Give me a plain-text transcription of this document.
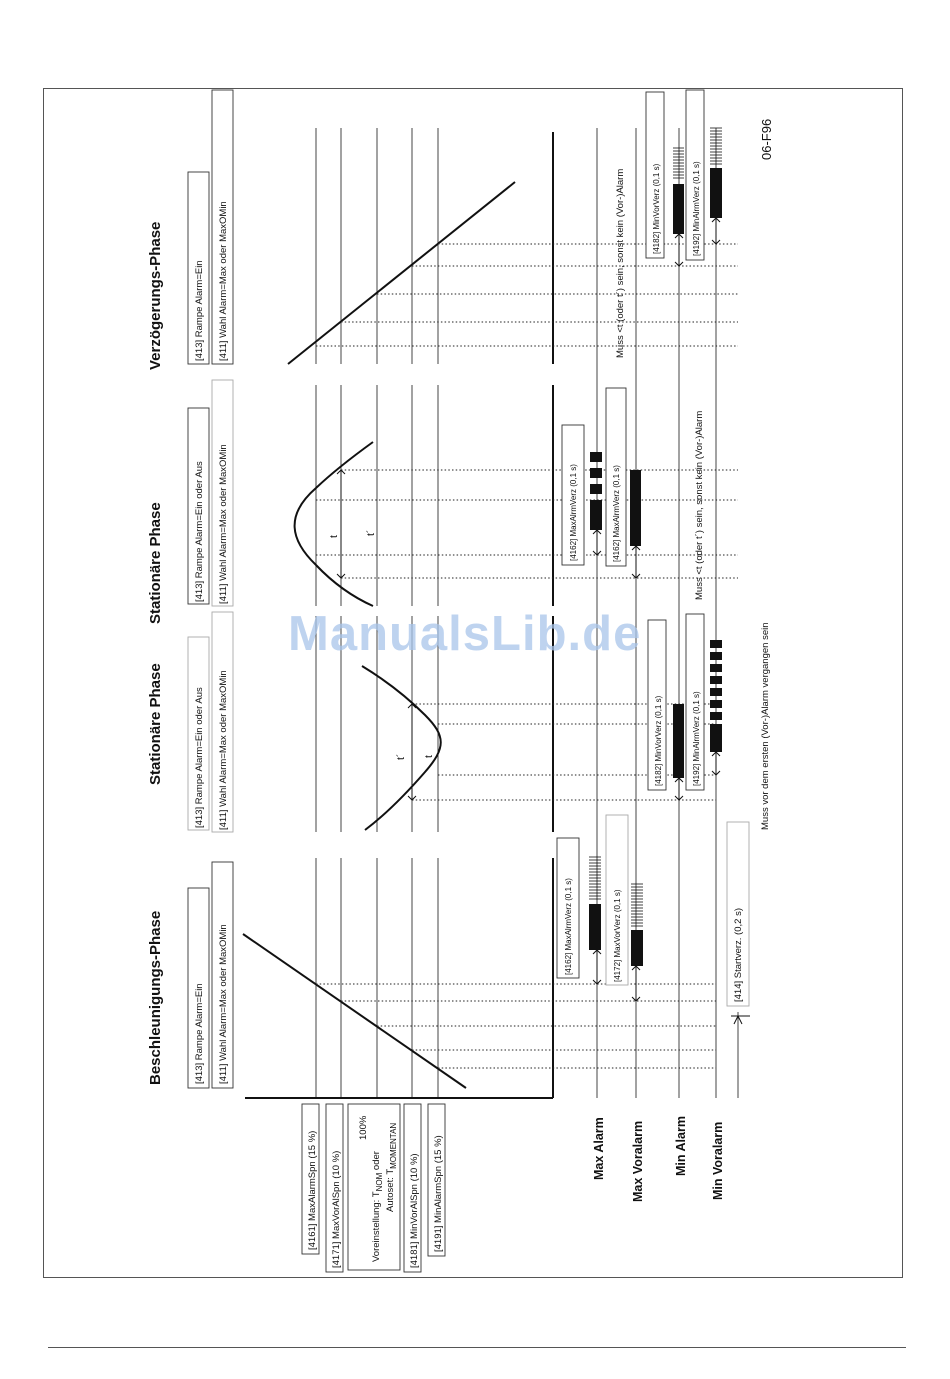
Beschleunigungs-Phase
Stationäre Phase
Stationäre Phase
Verzögerungs-Phase
[413] Rampe Alarm=Ein [411] Wahl Alarm=Max oder MaxOMin
[413] Rampe Alarm=Ein oder Aus [411] Wahl Alarm=Max oder MaxOMin
[413] Rampe Alarm=Ein oder Aus [411] Wahl Alarm=Max oder MaxOMin
[413] Rampe Alarm=Ein [411] Wahl Alarm=Max oder MaxOMin
[4161] MaxAlarmSpn (15 %) [4171] MaxVorAlSpn (10 %)
100%
Voreinstellung: $T_{NOM}$ oder
Autoset: $T_{MOMENTAN}$
[4181] MinVorAlSpn (10 %) [4191] MinAlarmSpn (15 %)	Max Alarm Max Voralarm Min Alarm Min Voralarm
[4162] MaxAlrmVerz (0,1 s)	[4172] MaxVorVerz (0,1 s)	[414] Startverz. (0,2 s)
t´ t	[4182] MinVorVerz (0,1 s)	[4192] MinAlrmVerz (0,1 s)	Muss vor dem ersten (Vor-)Alarm vergangen sein
t
t´	[4162] MaxAlrmVerz (0,1 s)	[4162] MaxAlrmVerz (0,1 s)	Muss <t (oder t´) sein, sonst kein (Vor-)Alarm
[4182] MinVorVerz (0,1 s)	[4192] MinAlrmVerz (0,1 s)
Muss <t (oder t´) sein, sonst kein (Vor-)Alarm
06-F96
ManualsLib.de
